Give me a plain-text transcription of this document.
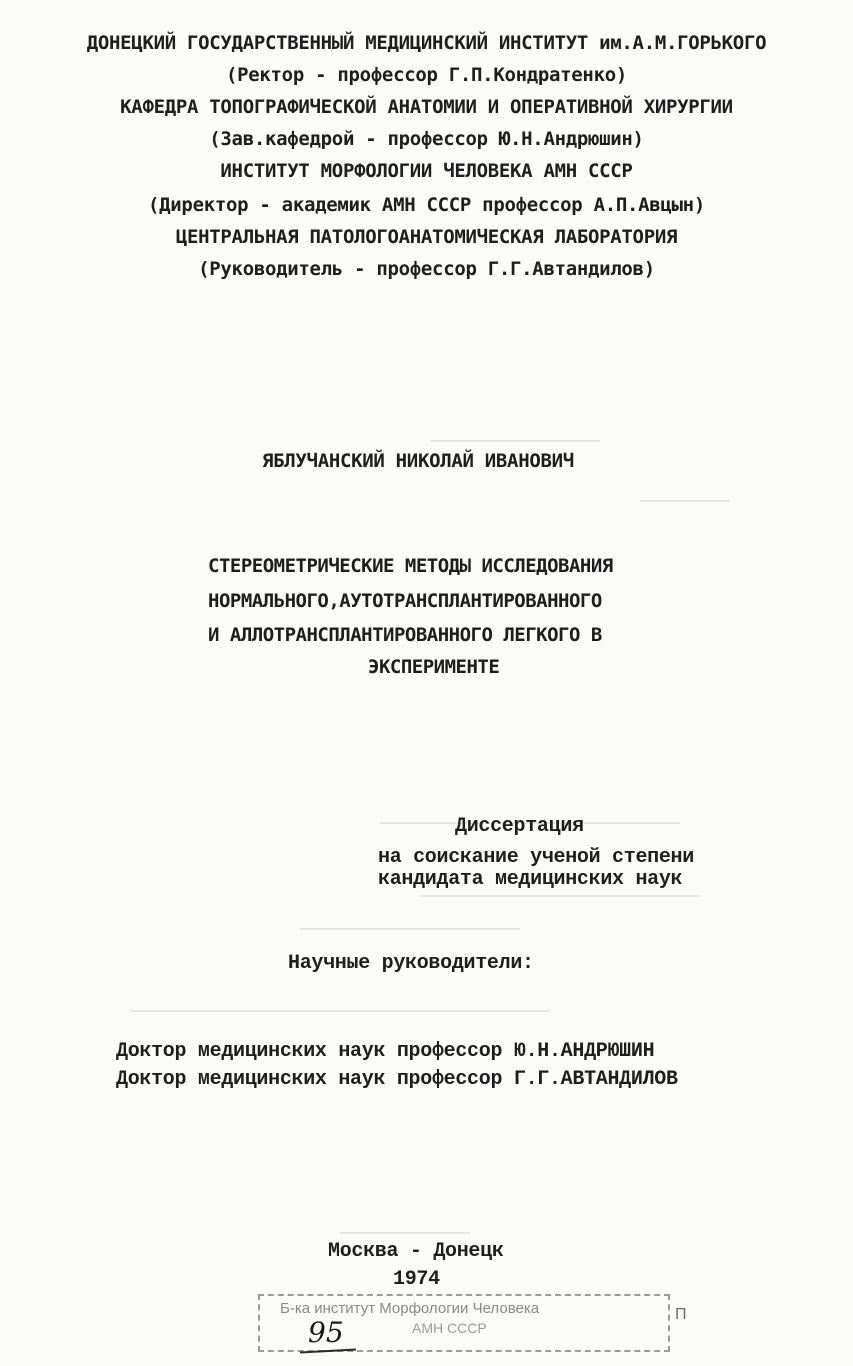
ДОНЕЦКИЙ ГОСУДАРСТВЕННЫЙ МЕДИЦИНСКИЙ ИНСТИТУТ им.А.М.ГОРЬКОГО
(Ректор - профессор Г.П.Кондратенко)
КАФЕДРА ТОПОГРАФИЧЕСКОЙ АНАТОМИИ И ОПЕРАТИВНОЙ ХИРУРГИИ
(Зав.кафедрой - профессор Ю.Н.Андрюшин)
ИНСТИТУТ МОРФОЛОГИИ ЧЕЛОВЕКА АМН СССР
(Директор - академик АМН СССР профессор А.П.Авцын)
ЦЕНТРАЛЬНАЯ ПАТОЛОГОАНАТОМИЧЕСКАЯ ЛАБОРАТОРИЯ
(Руководитель - профессор Г.Г.Автандилов)
ЯБЛУЧАНСКИЙ НИКОЛАЙ ИВАНОВИЧ
СТЕРЕОМЕТРИЧЕСКИЕ МЕТОДЫ ИССЛЕДОВАНИЯ
НОРМАЛЬНОГО,АУТОТРАНСПЛАНТИРОВАННОГО
И АЛЛОТРАНСПЛАНТИРОВАННОГО ЛЕГКОГО В
ЭКСПЕРИМЕНТЕ
Диссертация
на соискание ученой степени
кандидата медицинских наук
Научные руководители:
Доктор медицинских наук профессор Ю.Н.АНДРЮШИН
Доктор медицинских наук профессор Г.Г.АВТАНДИЛОВ
Москва - Донецк
1974
Б-ка институт Морфологии Человека
АМН СССР
П
95
